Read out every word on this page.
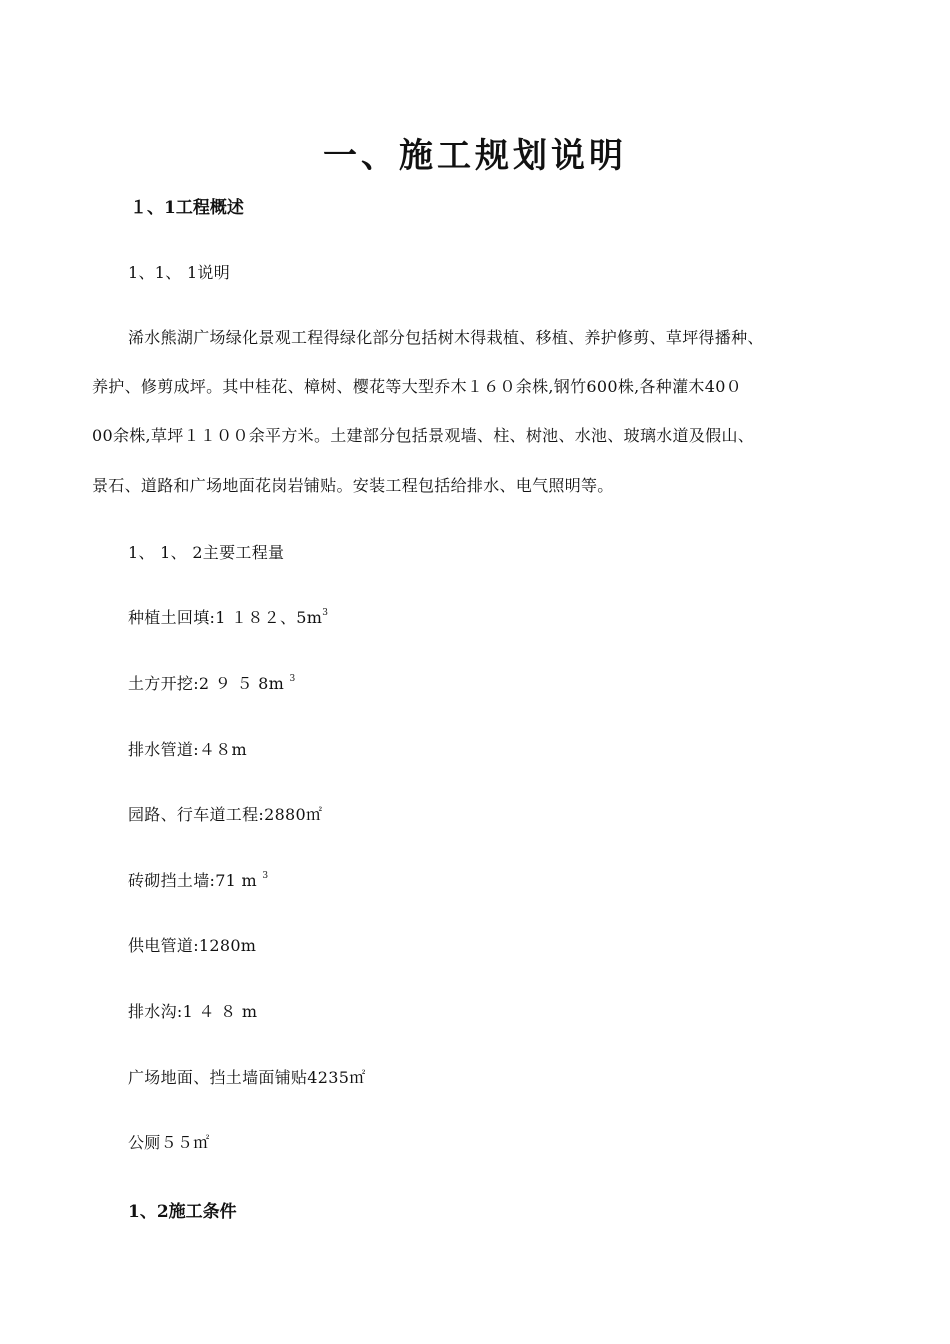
一、施工规划说明
１、1工程概述
1、1、 1说明
浠水熊湖广场绿化景观工程得绿化部分包括树木得栽植、移植、养护修剪、草坪得播种、
养护、修剪成坪。其中桂花、樟树、樱花等大型乔木１６０余株,钢竹600株,各种灌木40０
00余株,草坪１１００余平方米。土建部分包括景观墙、柱、树池、水池、玻璃水道及假山、
景石、道路和广场地面花岗岩铺贴。安装工程包括给排水、电气照明等。
1、 1、 2主要工程量
种植土回填:1 １８２、$5m^3$
土方开挖:2 ９ ５ 8m $^3$
排水管道:４８m
园路、行车道工程:2880㎡
砖砌挡土墙:71 m $^3$
供电管道:1280m
排水沟:1 ４ ８ m
广场地面、挡土墙面铺贴4235㎡
公厕５５㎡
1、2施工条件
